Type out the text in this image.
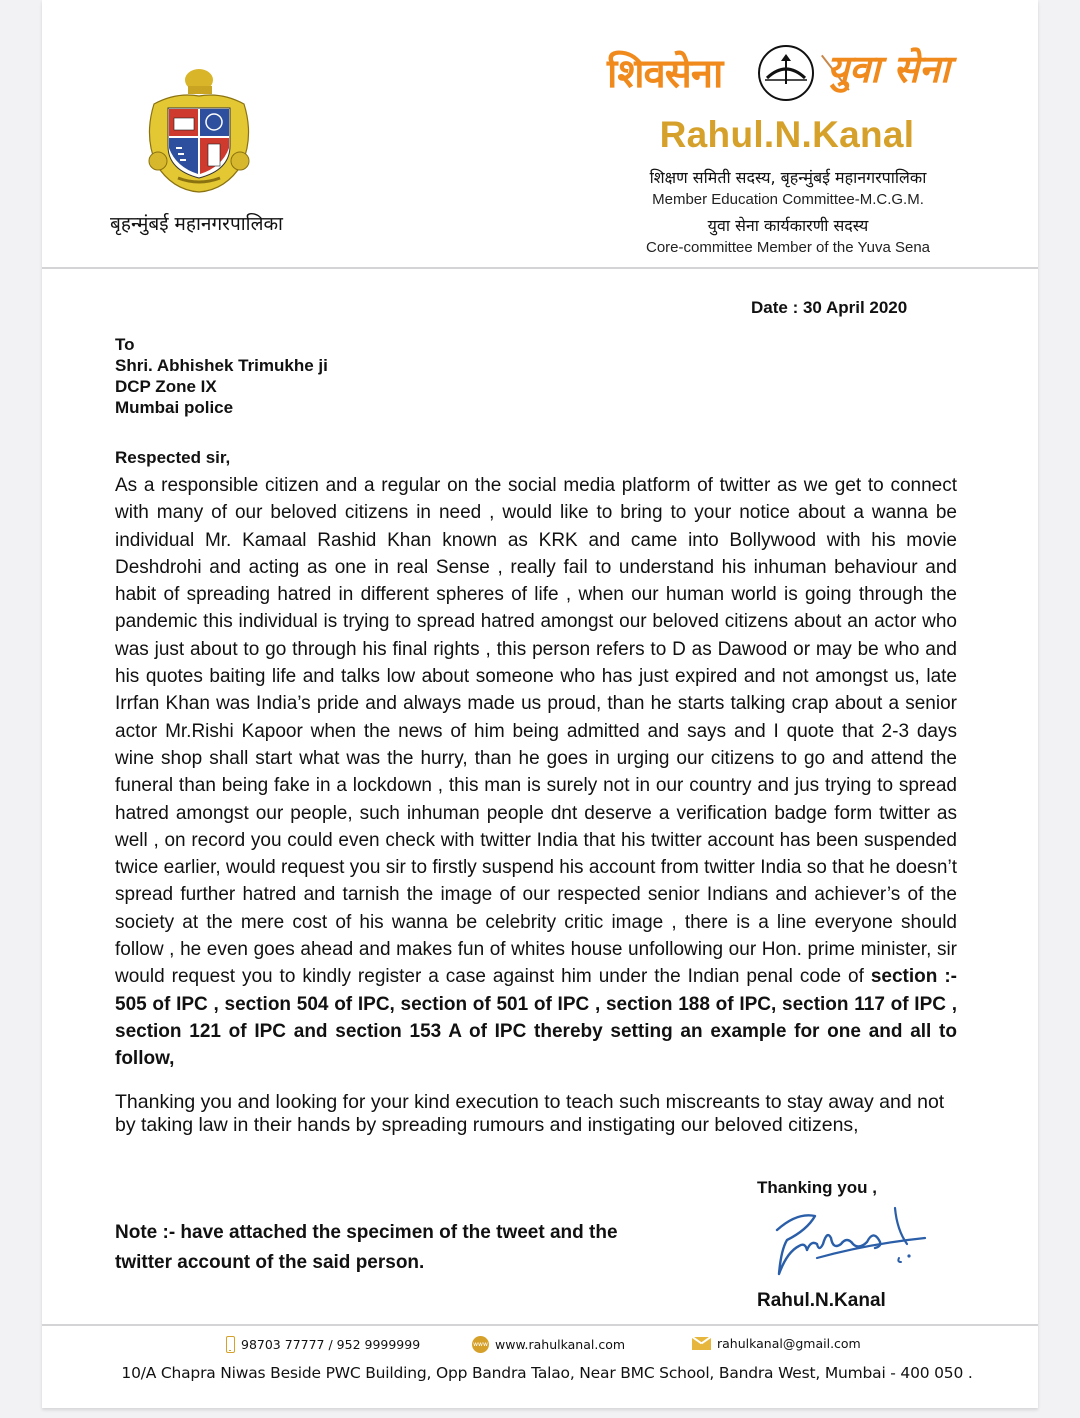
बृहन्मुंबई महानगरपालिका
शिवसेना	युवा सेना
Rahul.N.Kanal
शिक्षण समिती सदस्य, बृहन्मुंबई महानगरपालिका
Member Education Committee-M.C.G.M.
युवा सेना कार्यकारणी सदस्य
Core-committee Member of the Yuva Sena
Date : 30 April 2020
To
Shri. Abhishek Trimukhe ji
DCP Zone IX
Mumbai police
Respected sir,

As a responsible citizen and a regular on the social media platform of twitter as we get to connect with many of our beloved citizens in need , would like to bring to your notice about a wanna be individual Mr. Kamaal Rashid Khan known as KRK and came into Bollywood with his movie Deshdrohi and acting as one in real Sense , really fail to understand his inhuman behaviour and habit of spreading hatred in different spheres of life , when our human world is going through the pandemic this individual is trying to spread hatred amongst our beloved citizens about an actor who was just about to go through his final rights , this person refers to D as Dawood or may be who and his quotes baiting life and talks low about someone who has just expired and not amongst us, late Irrfan Khan was India’s pride and always made us proud, than he starts talking crap about a senior actor Mr.Rishi Kapoor when the news of him being admitted and says and I quote that 2-3 days wine shop shall start what was the hurry, than he goes in urging our citizens to go and attend the funeral than being fake in a lockdown , this man is surely not in our country and jus trying to spread hatred amongst our people, such inhuman people dnt deserve a verification badge form twitter as well , on record you could even check with twitter India that his twitter account has been suspended twice earlier, would request you sir to firstly suspend his account from twitter India so that he doesn’t spread further hatred and tarnish the image of our respected senior Indians and achiever’s of the society at the mere cost of his wanna be celebrity critic image , there is a line everyone should follow , he even goes ahead and makes fun of whites house unfollowing our Hon. prime minister, sir would request you to kindly register a case against him under the Indian penal code of section :- 505 of IPC , section 504 of IPC, section of 501 of IPC , section 188 of IPC, section 117 of IPC , section 121 of IPC and section 153 A of IPC thereby setting an example for one and all to follow,

Thanking you and looking for your kind execution to teach such miscreants to stay away and not by taking law in their hands by spreading rumours and instigating our beloved citizens,

Note :- have attached the specimen of the tweet and the twitter account of the said person.
Thanking you ,
Rahul.N.Kanal
98703 77777 / 952 9999999	www www.rahulkanal.com	rahulkanal@gmail.com
10/A Chapra Niwas Beside PWC Building, Opp Bandra Talao, Near BMC School, Bandra West, Mumbai - 400 050 .
